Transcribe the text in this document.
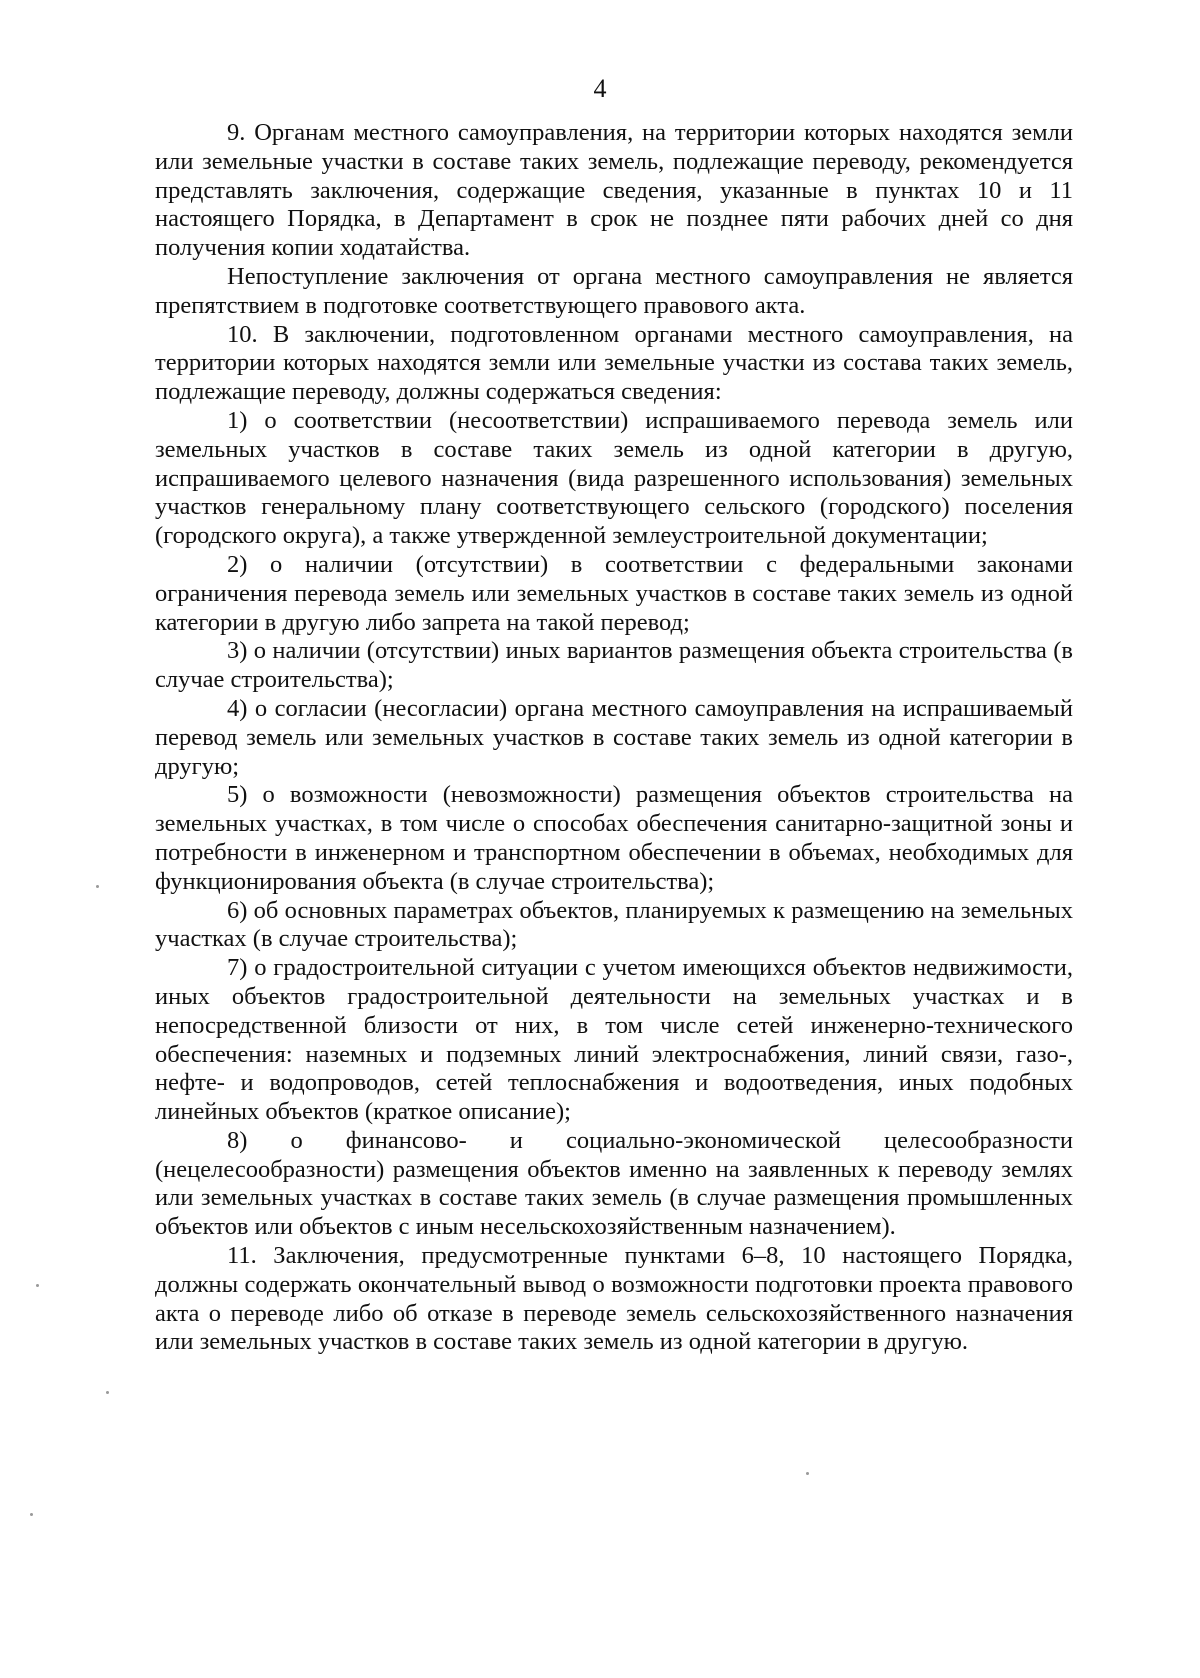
4

9. Органам местного самоуправления, на территории которых находятся земли или земельные участки в составе таких земель, подлежащие переводу, рекомендуется представлять заключения, содержащие сведения, указанные в пунктах 10 и 11 настоящего Порядка, в Департамент в срок не позднее пяти рабочих дней со дня получения копии ходатайства.

Непоступление заключения от органа местного самоуправления не является препятствием в подготовке соответствующего правового акта.

10. В заключении, подготовленном органами местного самоуправления, на территории которых находятся земли или земельные участки из состава таких земель, подлежащие переводу, должны содержаться сведения:

1) о соответствии (несоответствии) испрашиваемого перевода земель или земельных участков в составе таких земель из одной категории в другую, испрашиваемого целевого назначения (вида разрешенного использования) земельных участков генеральному плану соответствующего сельского (городского) поселения (городского округа), а также утвержденной землеустроительной документации;

2) о наличии (отсутствии) в соответствии с федеральными законами ограничения перевода земель или земельных участков в составе таких земель из одной категории в другую либо запрета на такой перевод;

3) о наличии (отсутствии) иных вариантов размещения объекта строительства (в случае строительства);

4) о согласии (несогласии) органа местного самоуправления на испрашиваемый перевод земель или земельных участков в составе таких земель из одной категории в другую;

5) о возможности (невозможности) размещения объектов строительства на земельных участках, в том числе о способах обеспечения санитарно-защитной зоны и потребности в инженерном и транспортном обеспечении в объемах, необходимых для функционирования объекта (в случае строительства);

6) об основных параметрах объектов, планируемых к размещению на земельных участках (в случае строительства);

7) о градостроительной ситуации с учетом имеющихся объектов недвижимости, иных объектов градостроительной деятельности на земельных участках и в непосредственной близости от них, в том числе сетей инженерно-технического обеспечения: наземных и подземных линий электроснабжения, линий связи, газо-, нефте- и водопроводов, сетей теплоснабжения и водоотведения, иных подобных линейных объектов (краткое описание);

8) о финансово- и социально-экономической целесообразности (нецелесообразности) размещения объектов именно на заявленных к переводу землях или земельных участках в составе таких земель (в случае размещения промышленных объектов или объектов с иным несельскохозяйственным назначением).

11. Заключения, предусмотренные пунктами 6–8, 10 настоящего Порядка, должны содержать окончательный вывод о возможности подготовки проекта правового акта о переводе либо об отказе в переводе земель сельскохозяйственного назначения или земельных участков в составе таких земель из одной категории в другую.
